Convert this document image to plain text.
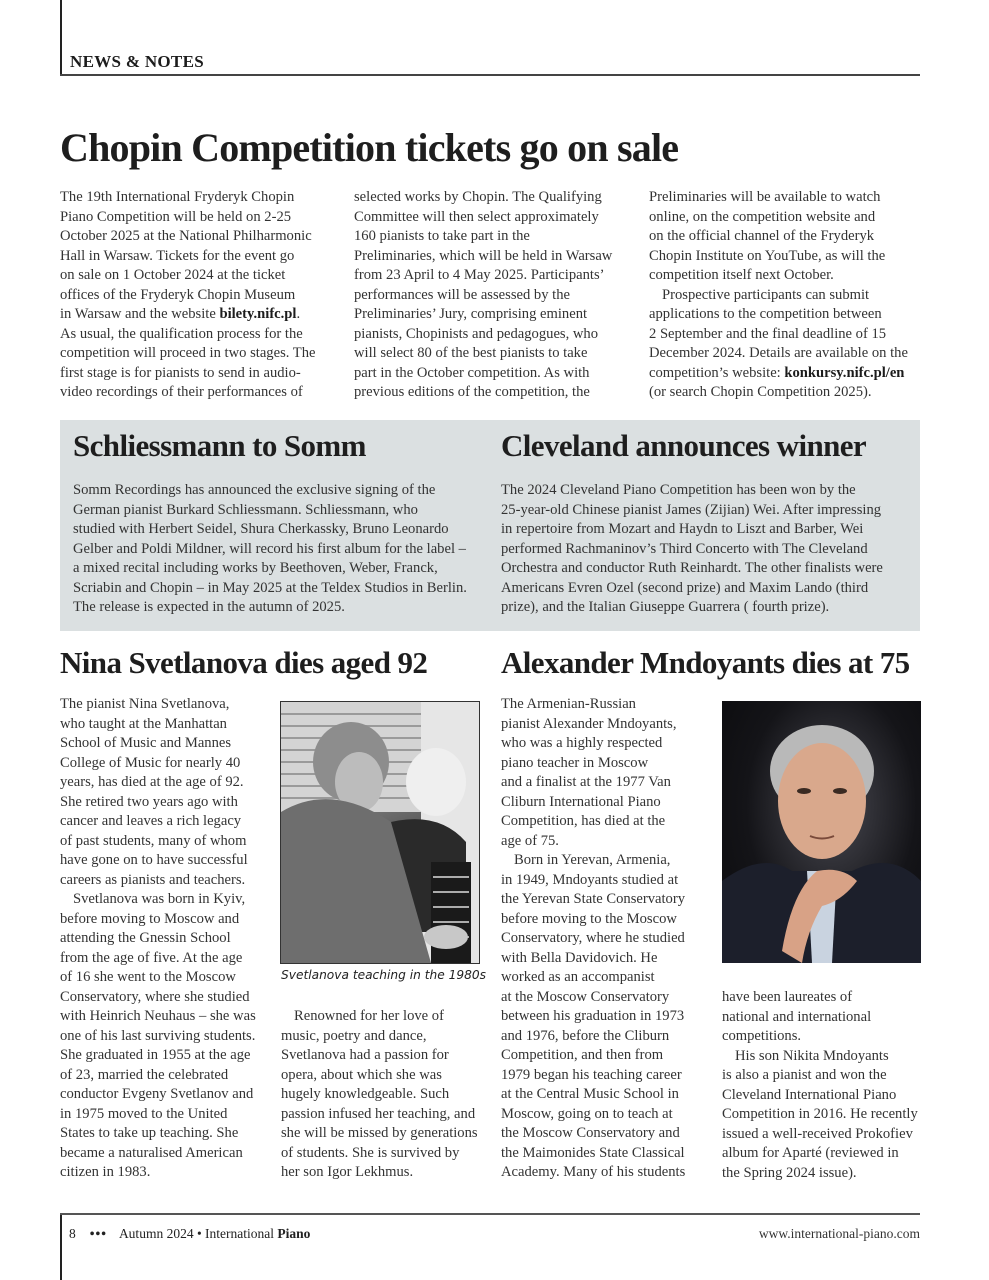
NEWS & NOTES
Chopin Competition tickets go on sale
The 19th International Fryderyk Chopin
Piano Competition will be held on 2-25
October 2025 at the National Philharmonic
Hall in Warsaw. Tickets for the event go
on sale on 1 October 2024 at the ticket
offices of the Fryderyk Chopin Museum
in Warsaw and the website bilety.nifc.pl.
As usual, the qualification process for the
competition will proceed in two stages. The
first stage is for pianists to send in audio-
video recordings of their performances of
selected works by Chopin. The Qualifying
Committee will then select approximately
160 pianists to take part in the
Preliminaries, which will be held in Warsaw
from 23 April to 4 May 2025. Participants’
performances will be assessed by the
Preliminaries’ Jury, comprising eminent
pianists, Chopinists and pedagogues, who
will select 80 of the best pianists to take
part in the October competition. As with
previous editions of the competition, the
Preliminaries will be available to watch
online, on the competition website and
on the official channel of the Fryderyk
Chopin Institute on YouTube, as will the
competition itself next October.
Prospective participants can submit
applications to the competition between
2 September and the final deadline of 15
December 2024. Details are available on the
competition’s website: konkursy.nifc.pl/en
(or search Chopin Competition 2025).
Schliessmann to Somm
Somm Recordings has announced the exclusive signing of the
German pianist Burkard Schliessmann. Schliessmann, who
studied with Herbert Seidel, Shura Cherkassky, Bruno Leonardo
Gelber and Poldi Mildner, will record his first album for the label –
a mixed recital including works by Beethoven, Weber, Franck,
Scriabin and Chopin – in May 2025 at the Teldex Studios in Berlin.
The release is expected in the autumn of 2025.
Cleveland announces winner
The 2024 Cleveland Piano Competition has been won by the
25-year-old Chinese pianist James (Zijian) Wei. After impressing
in repertoire from Mozart and Haydn to Liszt and Barber, Wei
performed Rachmaninov’s Third Concerto with The Cleveland
Orchestra and conductor Ruth Reinhardt. The other finalists were
Americans Evren Ozel (second prize) and Maxim Lando (third
prize), and the Italian Giuseppe Guarrera ( fourth prize).
Nina Svetlanova dies aged 92
The pianist Nina Svetlanova,
who taught at the Manhattan
School of Music and Mannes
College of Music for nearly 40
years, has died at the age of 92.
She retired two years ago with
cancer and leaves a rich legacy
of past students, many of whom
have gone on to have successful
careers as pianists and teachers.
Svetlanova was born in Kyiv,
before moving to Moscow and
attending the Gnessin School
from the age of five. At the age
of 16 she went to the Moscow
Conservatory, where she studied
with Heinrich Neuhaus – she was
one of his last surviving students.
She graduated in 1955 at the age
of 23, married the celebrated
conductor Evgeny Svetlanov and
in 1975 moved to the United
States to take up teaching. She
became a naturalised American
citizen in 1983.
Svetlanova teaching in the 1980s
Renowned for her love of
music, poetry and dance,
Svetlanova had a passion for
opera, about which she was
hugely knowledgeable. Such
passion infused her teaching, and
she will be missed by generations
of students. She is survived by
her son Igor Lekhmus.
Alexander Mndoyants dies at 75
The Armenian-Russian
pianist Alexander Mndoyants,
who was a highly respected
piano teacher in Moscow
and a finalist at the 1977 Van
Cliburn International Piano
Competition, has died at the
age of 75.
Born in Yerevan, Armenia,
in 1949, Mndoyants studied at
the Yerevan State Conservatory
before moving to the Moscow
Conservatory, where he studied
with Bella Davidovich. He
worked as an accompanist
at the Moscow Conservatory
between his graduation in 1973
and 1976, before the Cliburn
Competition, and then from
1979 began his teaching career
at the Central Music School in
Moscow, going on to teach at
the Moscow Conservatory and
the Maimonides State Classical
Academy. Many of his students
have been laureates of
national and international
competitions.
His son Nikita Mndoyants
is also a pianist and won the
Cleveland International Piano
Competition in 2016. He recently
issued a well-received Prokofiev
album for Aparté (reviewed in
the Spring 2024 issue).
8 ••• Autumn 2024 • International Piano	www.international-piano.com
